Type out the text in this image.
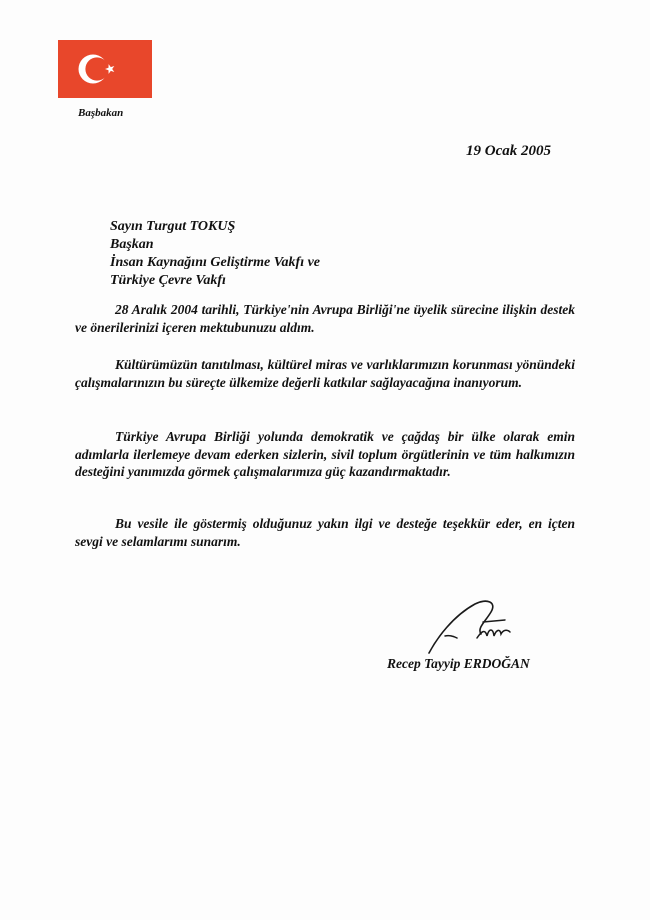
Başbakan
19 Ocak 2005
Sayın Turgut TOKUŞ
Başkan
İnsan Kaynağını Geliştirme Vakfı ve
Türkiye Çevre Vakfı

28 Aralık 2004 tarihli, Türkiye'nin Avrupa Birliği'ne üyelik sürecine ilişkin destek ve önerilerinizi içeren mektubunuzu aldım.

Kültürümüzün tanıtılması, kültürel miras ve varlıklarımızın korunması yönündeki çalışmalarınızın bu süreçte ülkemize değerli katkılar sağlayacağına inanıyorum.

Türkiye Avrupa Birliği yolunda demokratik ve çağdaş bir ülke olarak emin adımlarla ilerlemeye devam ederken sizlerin, sivil toplum örgütlerinin ve tüm halkımızın desteğini yanımızda görmek çalışmalarımıza güç kazandırmaktadır.

Bu vesile ile göstermiş olduğunuz yakın ilgi ve desteğe teşekkür eder, en içten sevgi ve selamlarımı sunarım.

Recep Tayyip ERDOĞAN
